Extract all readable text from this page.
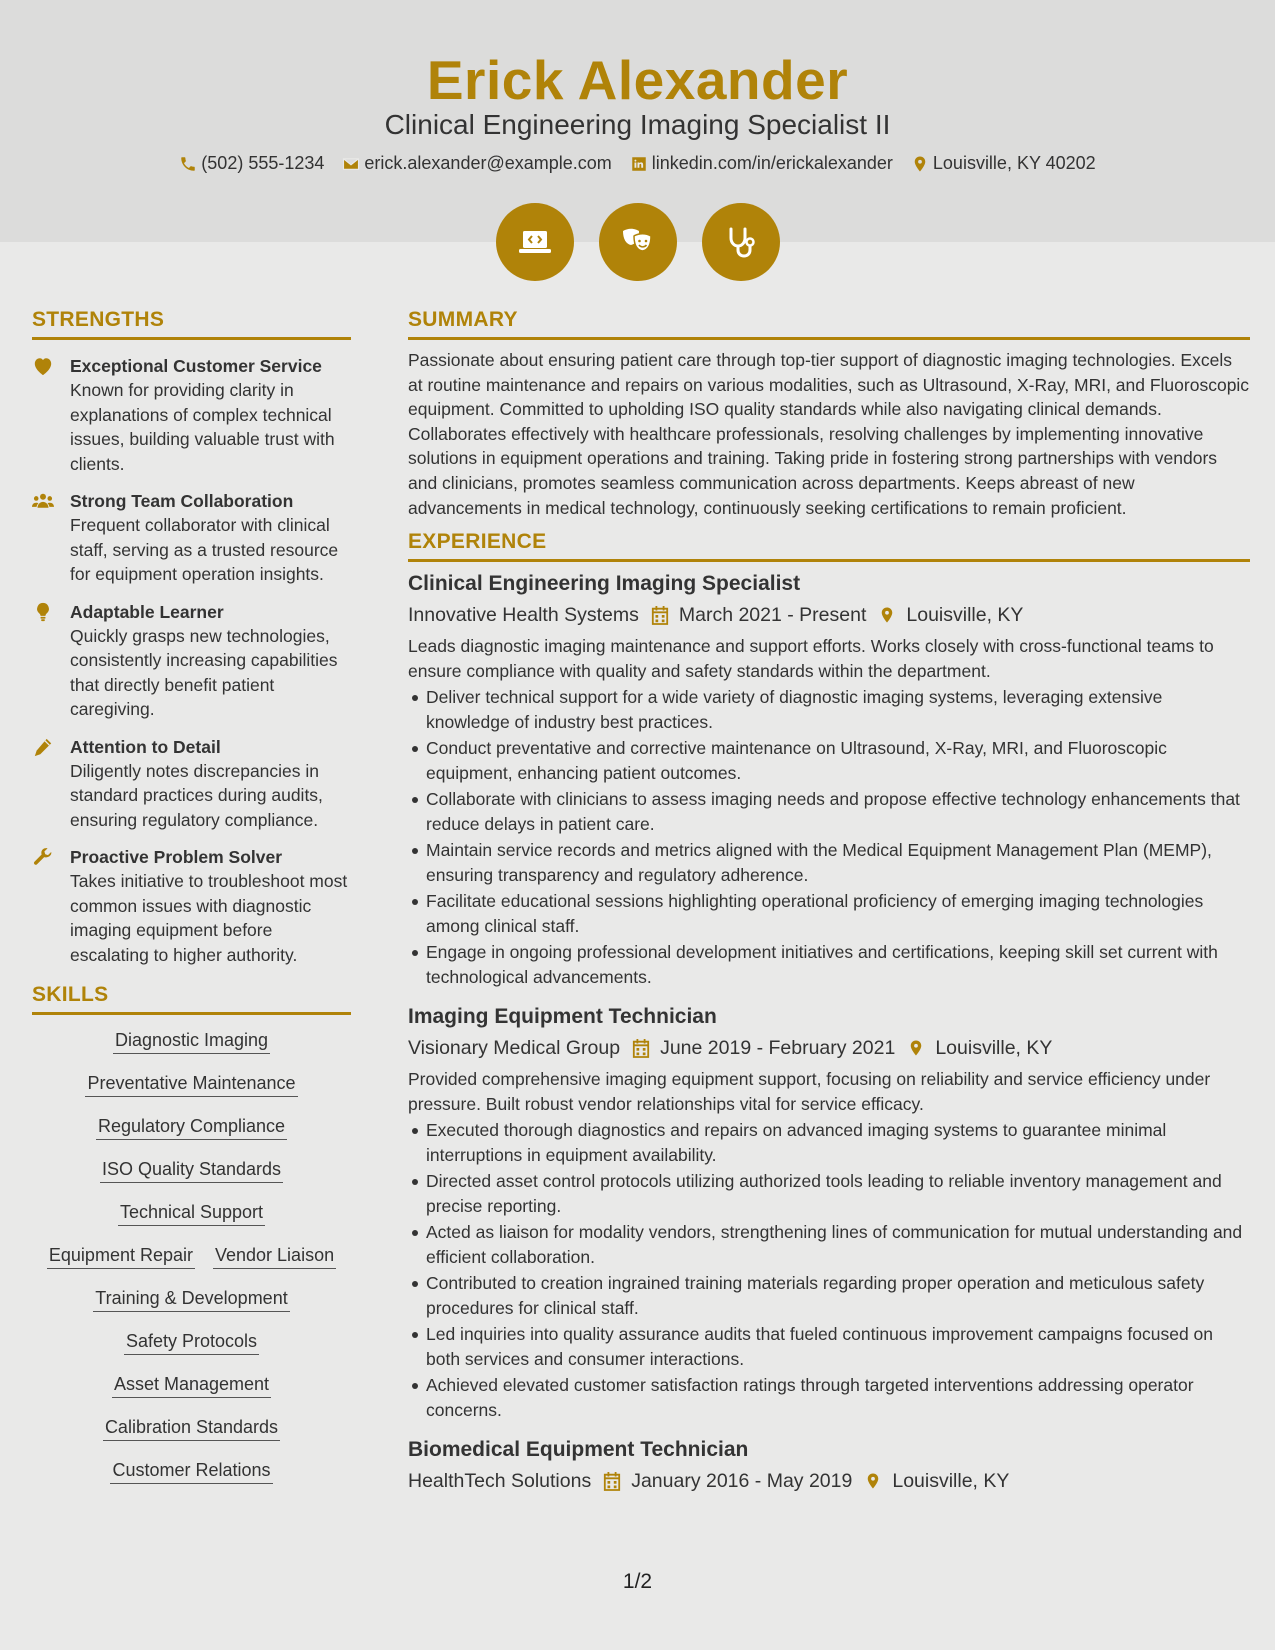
Erick Alexander
Clinical Engineering Imaging Specialist II
(502) 555-1234 erick.alexander@example.com linkedin.com/in/erickalexander Louisville, KY 40202
STRENGTHS
Exceptional Customer Service
Known for providing clarity in explanations of complex technical issues, building valuable trust with clients.
Strong Team Collaboration
Frequent collaborator with clinical staff, serving as a trusted resource for equipment operation insights.
Adaptable Learner
Quickly grasps new technologies, consistently increasing capabilities that directly benefit patient caregiving.
Attention to Detail
Diligently notes discrepancies in standard practices during audits, ensuring regulatory compliance.
Proactive Problem Solver
Takes initiative to troubleshoot most common issues with diagnostic imaging equipment before escalating to higher authority.
SKILLS
Diagnostic Imaging
Preventative Maintenance
Regulatory Compliance
ISO Quality Standards
Technical Support
Equipment Repair Vendor Liaison
Training & Development
Safety Protocols
Asset Management
Calibration Standards
Customer Relations
SUMMARY
Passionate about ensuring patient care through top-tier support of diagnostic imaging technologies. Excels at routine maintenance and repairs on various modalities, such as Ultrasound, X-Ray, MRI, and Fluoroscopic equipment. Committed to upholding ISO quality standards while also navigating clinical demands. Collaborates effectively with healthcare professionals, resolving challenges by implementing innovative solutions in equipment operations and training. Taking pride in fostering strong partnerships with vendors and clinicians, promotes seamless communication across departments. Keeps abreast of new advancements in medical technology, continuously seeking certifications to remain proficient.
EXPERIENCE
Clinical Engineering Imaging Specialist
Innovative Health Systems March 2021 - Present Louisville, KY
Leads diagnostic imaging maintenance and support efforts. Works closely with cross-functional teams to ensure compliance with quality and safety standards within the department.
Deliver technical support for a wide variety of diagnostic imaging systems, leveraging extensive knowledge of industry best practices.
Conduct preventative and corrective maintenance on Ultrasound, X-Ray, MRI, and Fluoroscopic equipment, enhancing patient outcomes.
Collaborate with clinicians to assess imaging needs and propose effective technology enhancements that reduce delays in patient care.
Maintain service records and metrics aligned with the Medical Equipment Management Plan (MEMP), ensuring transparency and regulatory adherence.
Facilitate educational sessions highlighting operational proficiency of emerging imaging technologies among clinical staff.
Engage in ongoing professional development initiatives and certifications, keeping skill set current with technological advancements.
Imaging Equipment Technician
Visionary Medical Group June 2019 - February 2021 Louisville, KY
Provided comprehensive imaging equipment support, focusing on reliability and service efficiency under pressure. Built robust vendor relationships vital for service efficacy.
Executed thorough diagnostics and repairs on advanced imaging systems to guarantee minimal interruptions in equipment availability.
Directed asset control protocols utilizing authorized tools leading to reliable inventory management and precise reporting.
Acted as liaison for modality vendors, strengthening lines of communication for mutual understanding and efficient collaboration.
Contributed to creation ingrained training materials regarding proper operation and meticulous safety procedures for clinical staff.
Led inquiries into quality assurance audits that fueled continuous improvement campaigns focused on both services and consumer interactions.
Achieved elevated customer satisfaction ratings through targeted interventions addressing operator concerns.
Biomedical Equipment Technician
HealthTech Solutions January 2016 - May 2019 Louisville, KY
1/2
